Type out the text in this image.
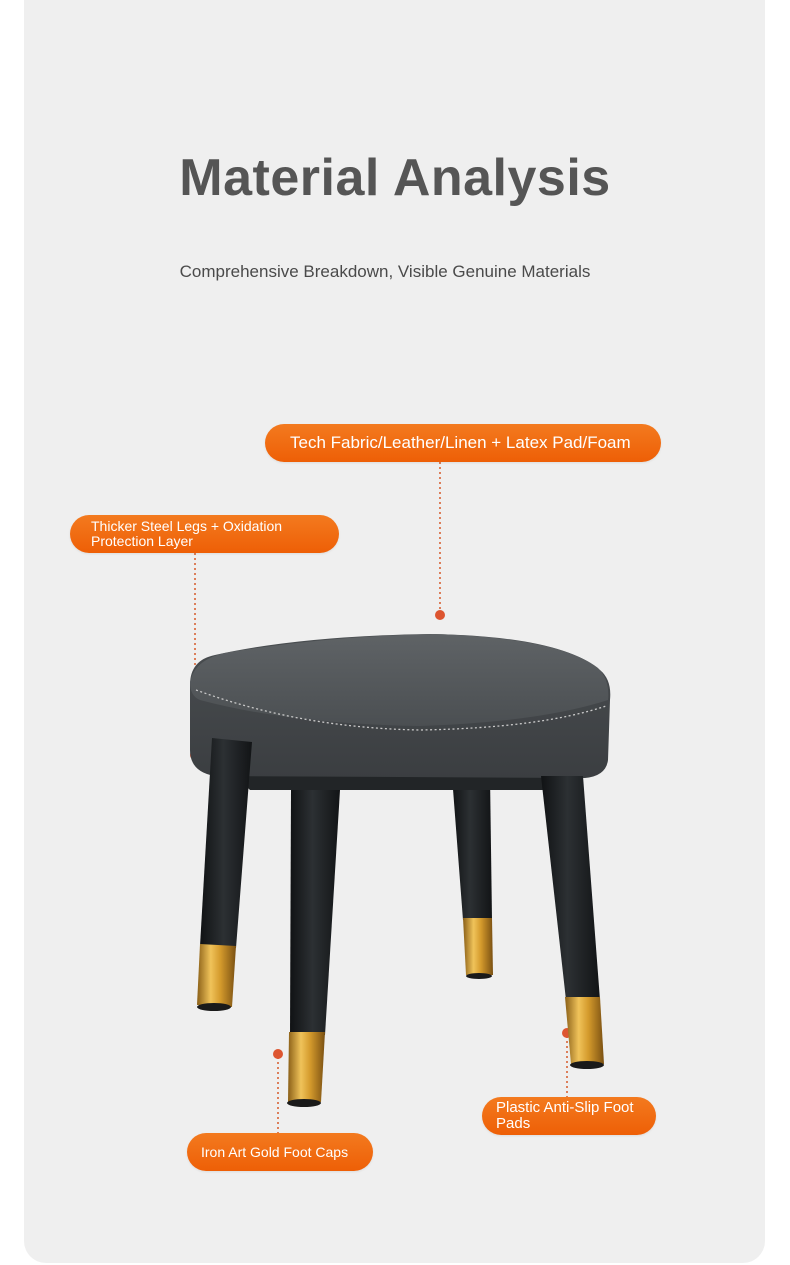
Material Analysis
Comprehensive Breakdown, Visible Genuine Materials
Tech Fabric/Leather/Linen + Latex Pad/Foam
Thicker Steel Legs + Oxidation Protection Layer
Plastic Anti-Slip Foot Pads
Iron Art Gold Foot Caps
